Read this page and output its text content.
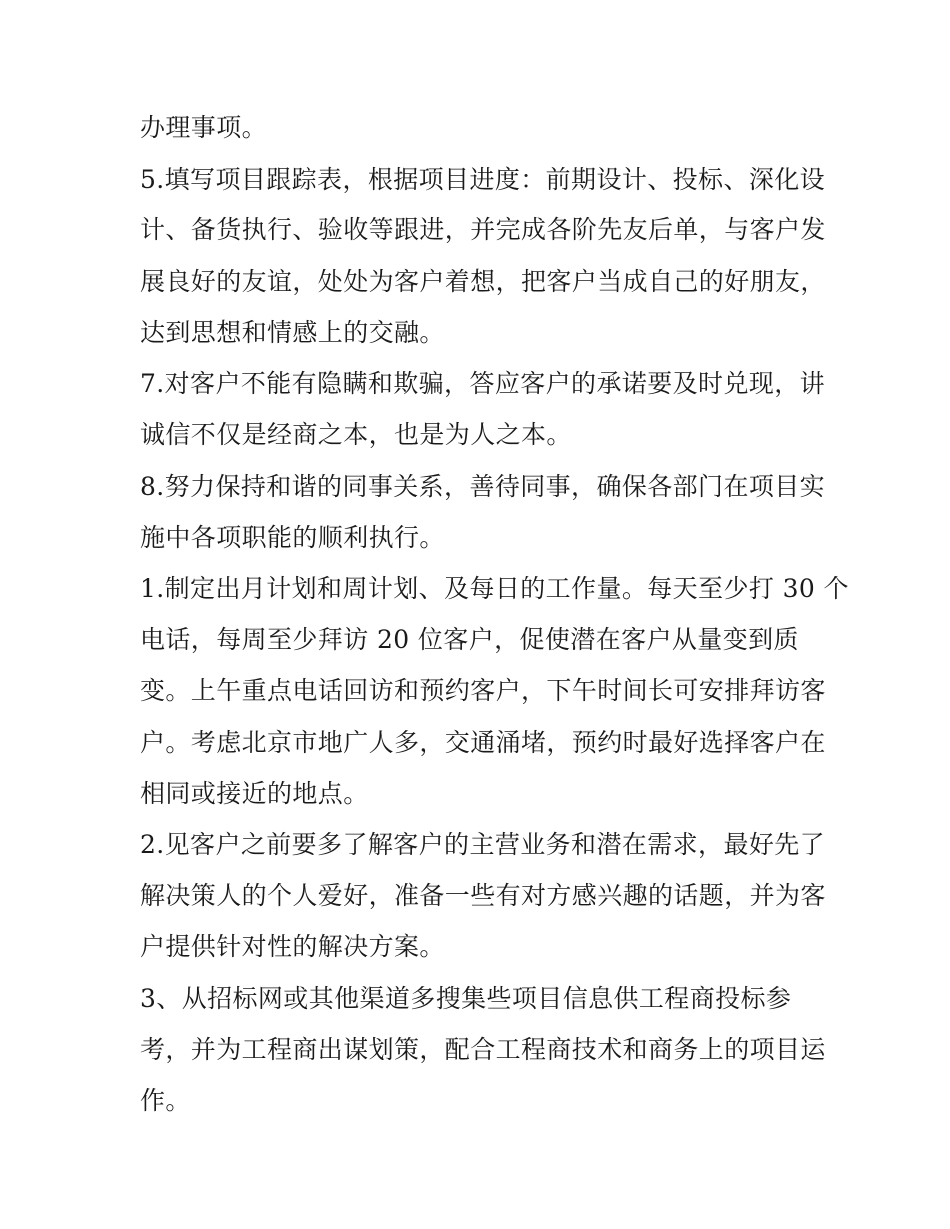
办理事项。
5.填写项目跟踪表，根据项目进度：前期设计、投标、深化设
计、备货执行、验收等跟进，并完成各阶先友后单，与客户发
展良好的友谊，处处为客户着想，把客户当成自己的好朋友，
达到思想和情感上的交融。
7.对客户不能有隐瞒和欺骗，答应客户的承诺要及时兑现，讲
诚信不仅是经商之本，也是为人之本。
8.努力保持和谐的同事关系，善待同事，确保各部门在项目实
施中各项职能的顺利执行。
1.制定出月计划和周计划、及每日的工作量。每天至少打 30 个
电话，每周至少拜访 20 位客户，促使潜在客户从量变到质
变。上午重点电话回访和预约客户，下午时间长可安排拜访客
户。考虑北京市地广人多，交通涌堵，预约时最好选择客户在
相同或接近的地点。
2.见客户之前要多了解客户的主营业务和潜在需求，最好先了
解决策人的个人爱好，准备一些有对方感兴趣的话题，并为客
户提供针对性的解决方案。
3、从招标网或其他渠道多搜集些项目信息供工程商投标参
考，并为工程商出谋划策，配合工程商技术和商务上的项目运
作。
